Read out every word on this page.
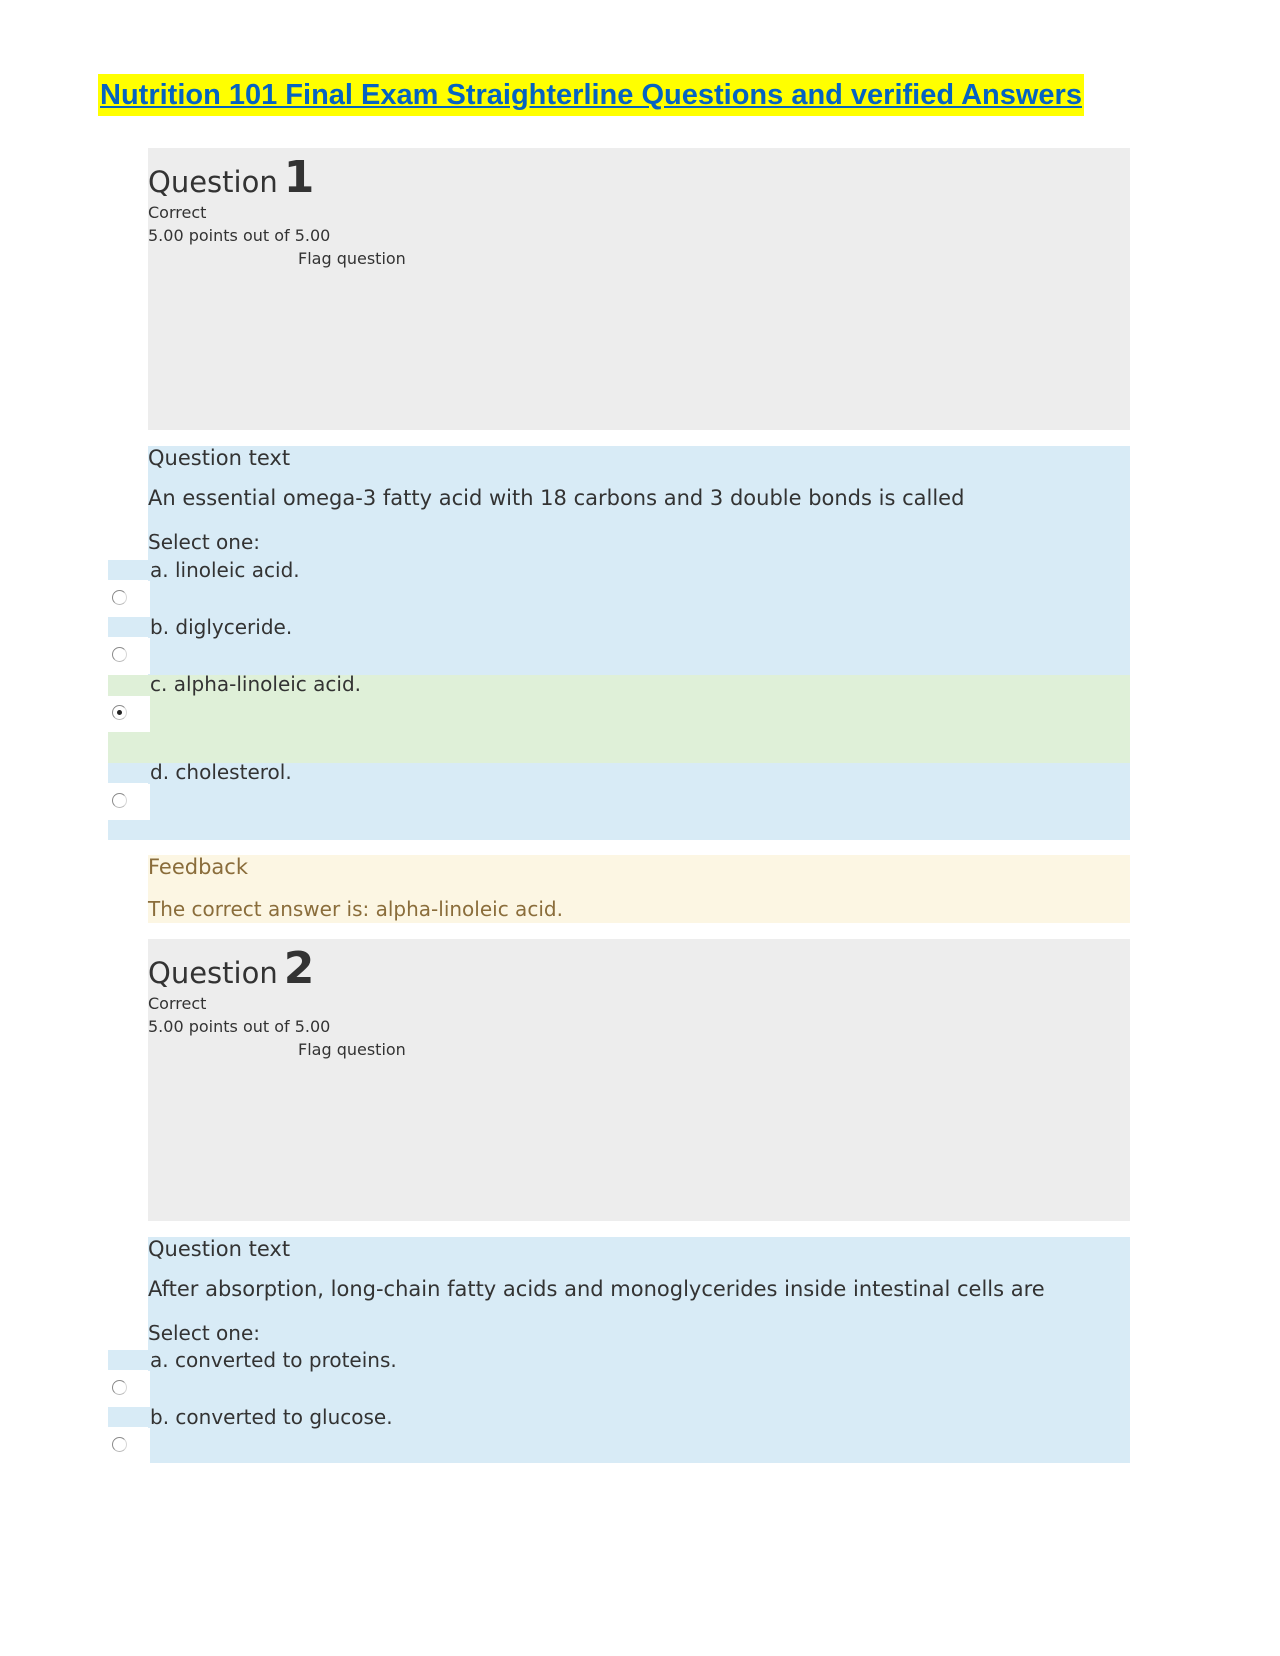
Nutrition 101 Final Exam Straighterline Questions and verified Answers
Question 1
Correct
5.00 points out of 5.00
Flag question
Question text
An essential omega-3 fatty acid with 18 carbons and 3 double bonds is called
Select one:
a. linoleic acid.
b. diglyceride.
c. alpha-linoleic acid.
d. cholesterol.
Feedback
The correct answer is: alpha-linoleic acid.
Question 2
Correct
5.00 points out of 5.00
Flag question
Question text
After absorption, long-chain fatty acids and monoglycerides inside intestinal cells are
Select one:
a. converted to proteins.
b. converted to glucose.
